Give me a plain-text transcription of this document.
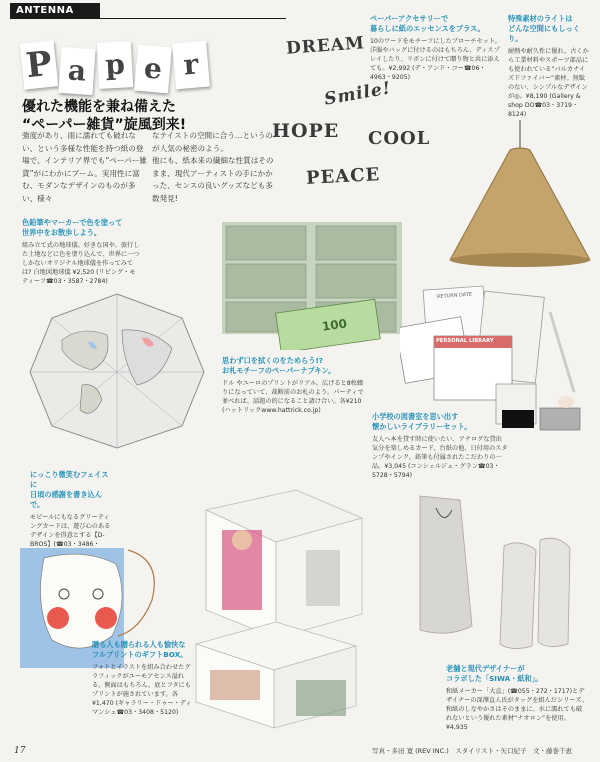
ANTENNA
P a p e r
優れた機能を兼ね備えた
“ペーパー雑貨”旋風到来!
強度があり、雨に濡れても破れない、という多様な性能を持つ紙の登場で、インテリア界でも“ペーパー雑貨”がにわかにブーム。実用性に富む、モダンなデザインのものが多い、様々
なテイストの空間に合う…というのが人気の秘密のよう。
他にも、紙本来の繊細な性質はそのまま、現代アーティストの手にかかった、センスの良いグッズなども多数発見!
DREAM
Smile!
HOPE COOL
PEACE
ペーパーアクセサリーで
暮らしに紙のエッセンスをプラス。
10のワードをモチーフにしたブローチセット。洋服やバッグに付けるのはもちろん、ディスプレイしたり、リボンに付けて贈り物と共に添えても。¥2,992 (デ・アンド・コー☎06・4963・9205)
特殊素材のライトは
どんな空間にもしっくり。
耐熱や耐久性に優れ、古くから工業材料やスポーツ部品にも使われている“バルカナイズドファイバー”素材。無駄のない、シンプルなデザインが◎。¥8,190 (Gallery & shop DO☎03・3719・8124)
色鉛筆やマーカーで色を塗って
世界中をお散歩しよう。
組み立て式の地球儀。好きな国や、旅行した土地などに色を塗り込んで、世界に一つしかないオリジナル地球儀を作ってみては? 白地図地球儀 ¥2,520 (リビング・モティーフ☎03・3587・2784)
100
思わず口を拭くのをためらう!?
お札モチーフのペーパーナプキン。
ドル やユーロのプリントがリアル。広げると8枚綴りになっていて、裁断前のお札のよう。パーティで並べれば、話題の的になること請け合い。各¥210 (ハットリックwww.hattrick.co.jp)
PERSONAL LIBRARY
RETURN DATE
小学校の図書室を思い出す
懐かしいライブラリーセット。
友人へ本を貸す時に使いたい、アナログな貸出気分を楽しめるカード、台紙の他、日付用のスタンプやインク、鉛筆も付属されたこだわりの一品。¥3,045 (コンシェルジュ・グラン☎03・5728・5794)
にっこり微笑むフェイスに
日頃の感謝を書き込んで。
モビールにもなるグリーティングカードは、遊び心のあるデザインを得意とする【D-BROS】(☎03・3486・
贈る人も贈られる人も愉快な
フルプリントのギフトBOX。
フォトとイラストを組み合わせたグラフィックがユーモアセンス溢れる。側面はもちろん、底とフタにもプリントが施されています。各¥1,470 (ギャラリー・ドゥー・ディマンシュ☎03・3408・5120)
老舗と現代デザイナーが
コラボした「SIWA・紙和」。
和紙メーカー「大直」(☎055・272・1717)とデザイナーの深澤直人氏がタッグを組んだシリーズ。和紙のしなやかさはそのままに、水に濡れても破れないという優れた素材“ナオロン”を使用。¥4,935
17	写真・多田 寛 (REV INC.)　スタイリスト・矢口紀子　文・藤巻千恵
